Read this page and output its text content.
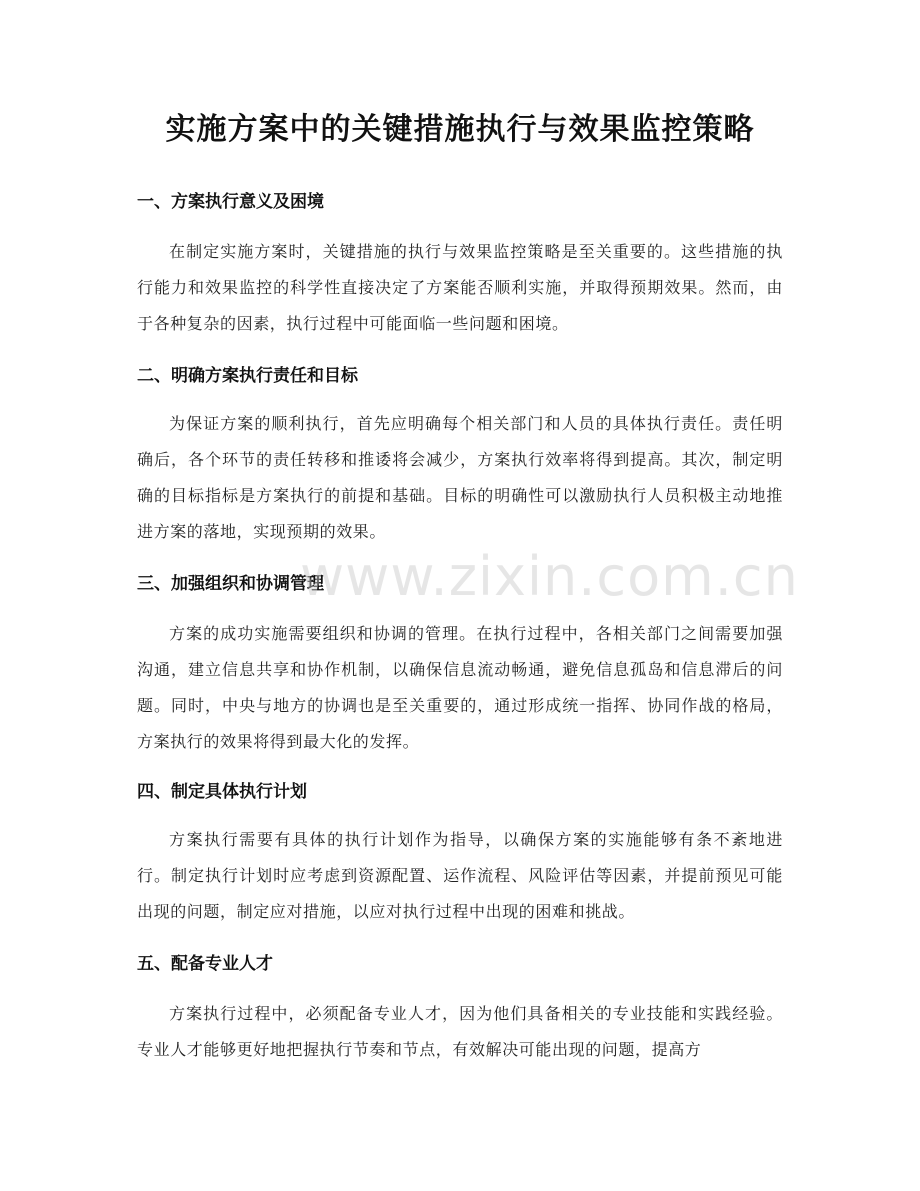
实施方案中的关键措施执行与效果监控策略
一、方案执行意义及困境
在制定实施方案时，关键措施的执行与效果监控策略是至关重要的。这些措施的执行能力和效果监控的科学性直接决定了方案能否顺利实施，并取得预期效果。然而，由于各种复杂的因素，执行过程中可能面临一些问题和困境。
二、明确方案执行责任和目标
为保证方案的顺利执行，首先应明确每个相关部门和人员的具体执行责任。责任明确后，各个环节的责任转移和推诿将会减少，方案执行效率将得到提高。其次，制定明确的目标指标是方案执行的前提和基础。目标的明确性可以激励执行人员积极主动地推进方案的落地，实现预期的效果。
三、加强组织和协调管理
方案的成功实施需要组织和协调的管理。在执行过程中，各相关部门之间需要加强沟通，建立信息共享和协作机制，以确保信息流动畅通，避免信息孤岛和信息滞后的问题。同时，中央与地方的协调也是至关重要的，通过形成统一指挥、协同作战的格局，方案执行的效果将得到最大化的发挥。
四、制定具体执行计划
方案执行需要有具体的执行计划作为指导，以确保方案的实施能够有条不紊地进行。制定执行计划时应考虑到资源配置、运作流程、风险评估等因素，并提前预见可能出现的问题，制定应对措施，以应对执行过程中出现的困难和挑战。
五、配备专业人才
方案执行过程中，必须配备专业人才，因为他们具备相关的专业技能和实践经验。专业人才能够更好地把握执行节奏和节点，有效解决可能出现的问题，提高方
www.zixin.com.cn
